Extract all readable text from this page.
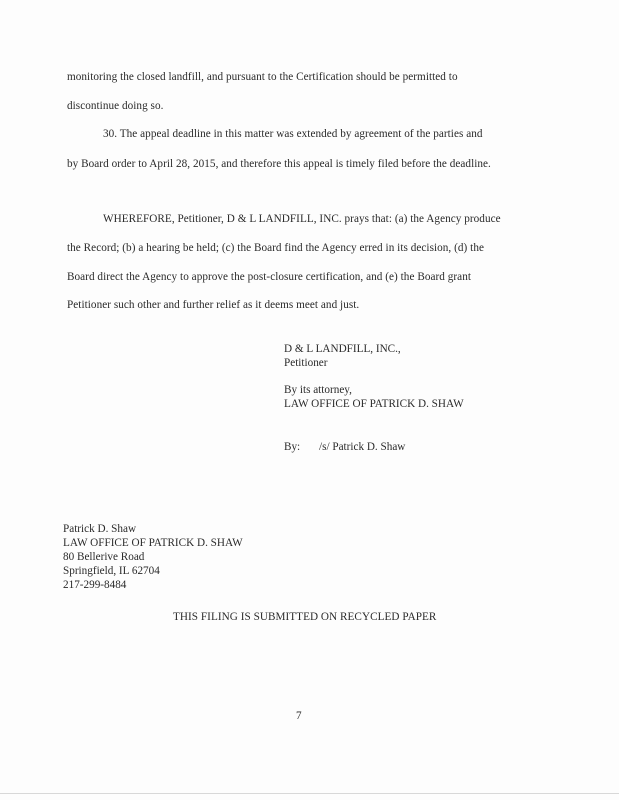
monitoring the closed landfill, and pursuant to the Certification should be permitted to
discontinue doing so.
30. The appeal deadline in this matter was extended by agreement of the parties and
by Board order to April 28, 2015, and therefore this appeal is timely filed before the deadline.
WHEREFORE, Petitioner, D & L LANDFILL, INC. prays that: (a) the Agency produce
the Record; (b) a hearing be held; (c) the Board find the Agency erred in its decision, (d) the
Board direct the Agency to approve the post-closure certification, and (e) the Board grant
Petitioner such other and further relief as it deems meet and just.
D & L LANDFILL, INC.,
Petitioner
By its attorney,
LAW OFFICE OF PATRICK D. SHAW
By: /s/ Patrick D. Shaw
Patrick D. Shaw
LAW OFFICE OF PATRICK D. SHAW
80 Bellerive Road
Springfield, IL 62704
217-299-8484
THIS FILING IS SUBMITTED ON RECYCLED PAPER
7
